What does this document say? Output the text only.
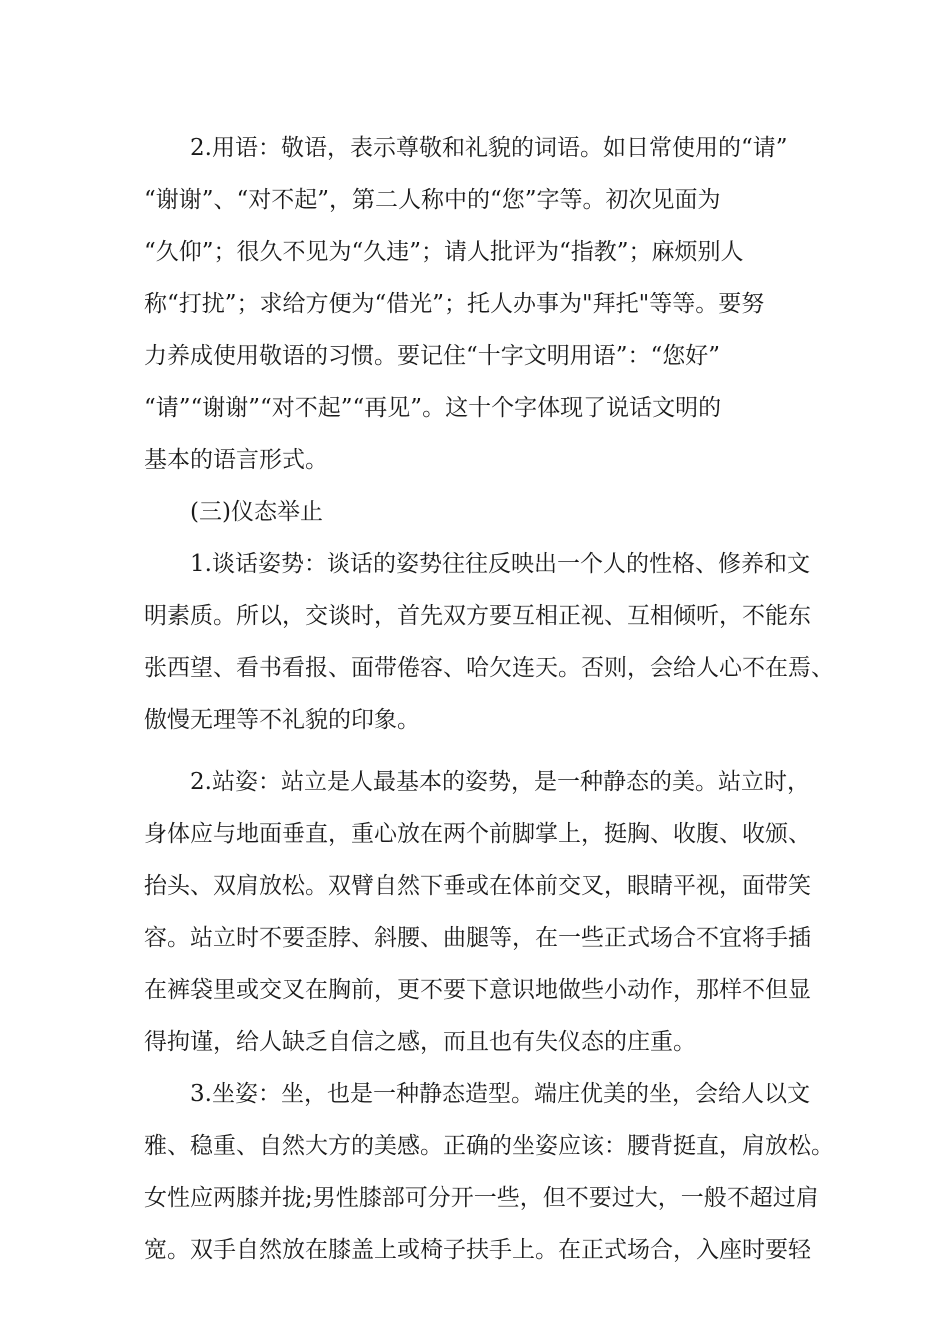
2.用语：敬语，表示尊敬和礼貌的词语。如日常使用的“请”
“谢谢”、“对不起”，第二人称中的“您”字等。初次见面为
“久仰”；很久不见为“久违”；请人批评为“指教”；麻烦别人
称“打扰”；求给方便为“借光”；托人办事为"拜托"等等。要努
力养成使用敬语的习惯。要记住“十字文明用语”：“您好”
“请”“谢谢”“对不起”“再见”。这十个字体现了说话文明的
基本的语言形式。
(三)仪态举止
1.谈话姿势：谈话的姿势往往反映出一个人的性格、修养和文
明素质。所以，交谈时，首先双方要互相正视、互相倾听，不能东
张西望、看书看报、面带倦容、哈欠连天。否则，会给人心不在焉、
傲慢无理等不礼貌的印象。
2.站姿：站立是人最基本的姿势，是一种静态的美。站立时，
身体应与地面垂直，重心放在两个前脚掌上，挺胸、收腹、收颁、
抬头、双肩放松。双臂自然下垂或在体前交叉，眼睛平视，面带笑
容。站立时不要歪脖、斜腰、曲腿等，在一些正式场合不宜将手插
在裤袋里或交叉在胸前，更不要下意识地做些小动作，那样不但显
得拘谨，给人缺乏自信之感，而且也有失仪态的庄重。
3.坐姿：坐，也是一种静态造型。端庄优美的坐，会给人以文
雅、稳重、自然大方的美感。正确的坐姿应该：腰背挺直，肩放松。
女性应两膝并拢;男性膝部可分开一些，但不要过大，一般不超过肩
宽。双手自然放在膝盖上或椅子扶手上。在正式场合，入座时要轻
